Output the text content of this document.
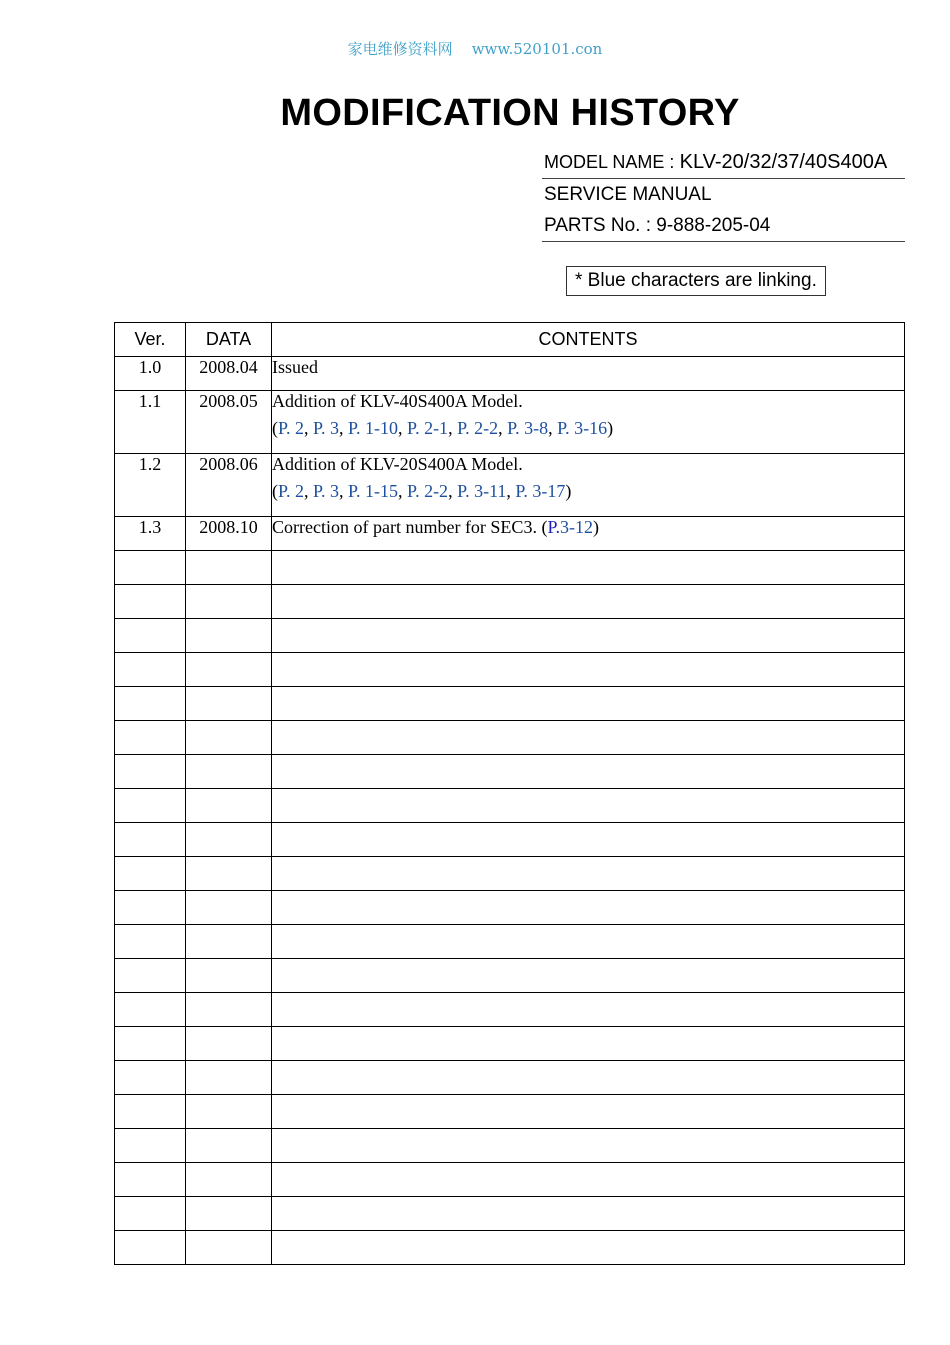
家电维修资料网 www.520101.con
MODIFICATION HISTORY
MODEL NAME : KLV-20/32/37/40S400A
SERVICE MANUAL
PARTS No. : 9-888-205-04
* Blue characters are linking.
Ver.	DATA	CONTENTS
1.0	2008.04	Issued
1.1	2008.05	Addition of KLV-40S400A Model.
(P. 2, P. 3, P. 1-10, P. 2-1, P. 2-2, P. 3-8, P. 3-16)

1.2	2008.06	Addition of KLV-20S400A Model.
(P. 2, P. 3, P. 1-15, P. 2-2, P. 3-11, P. 3-17)

1.3	2008.10	Correction of part number for SEC3. (P.3-12)
